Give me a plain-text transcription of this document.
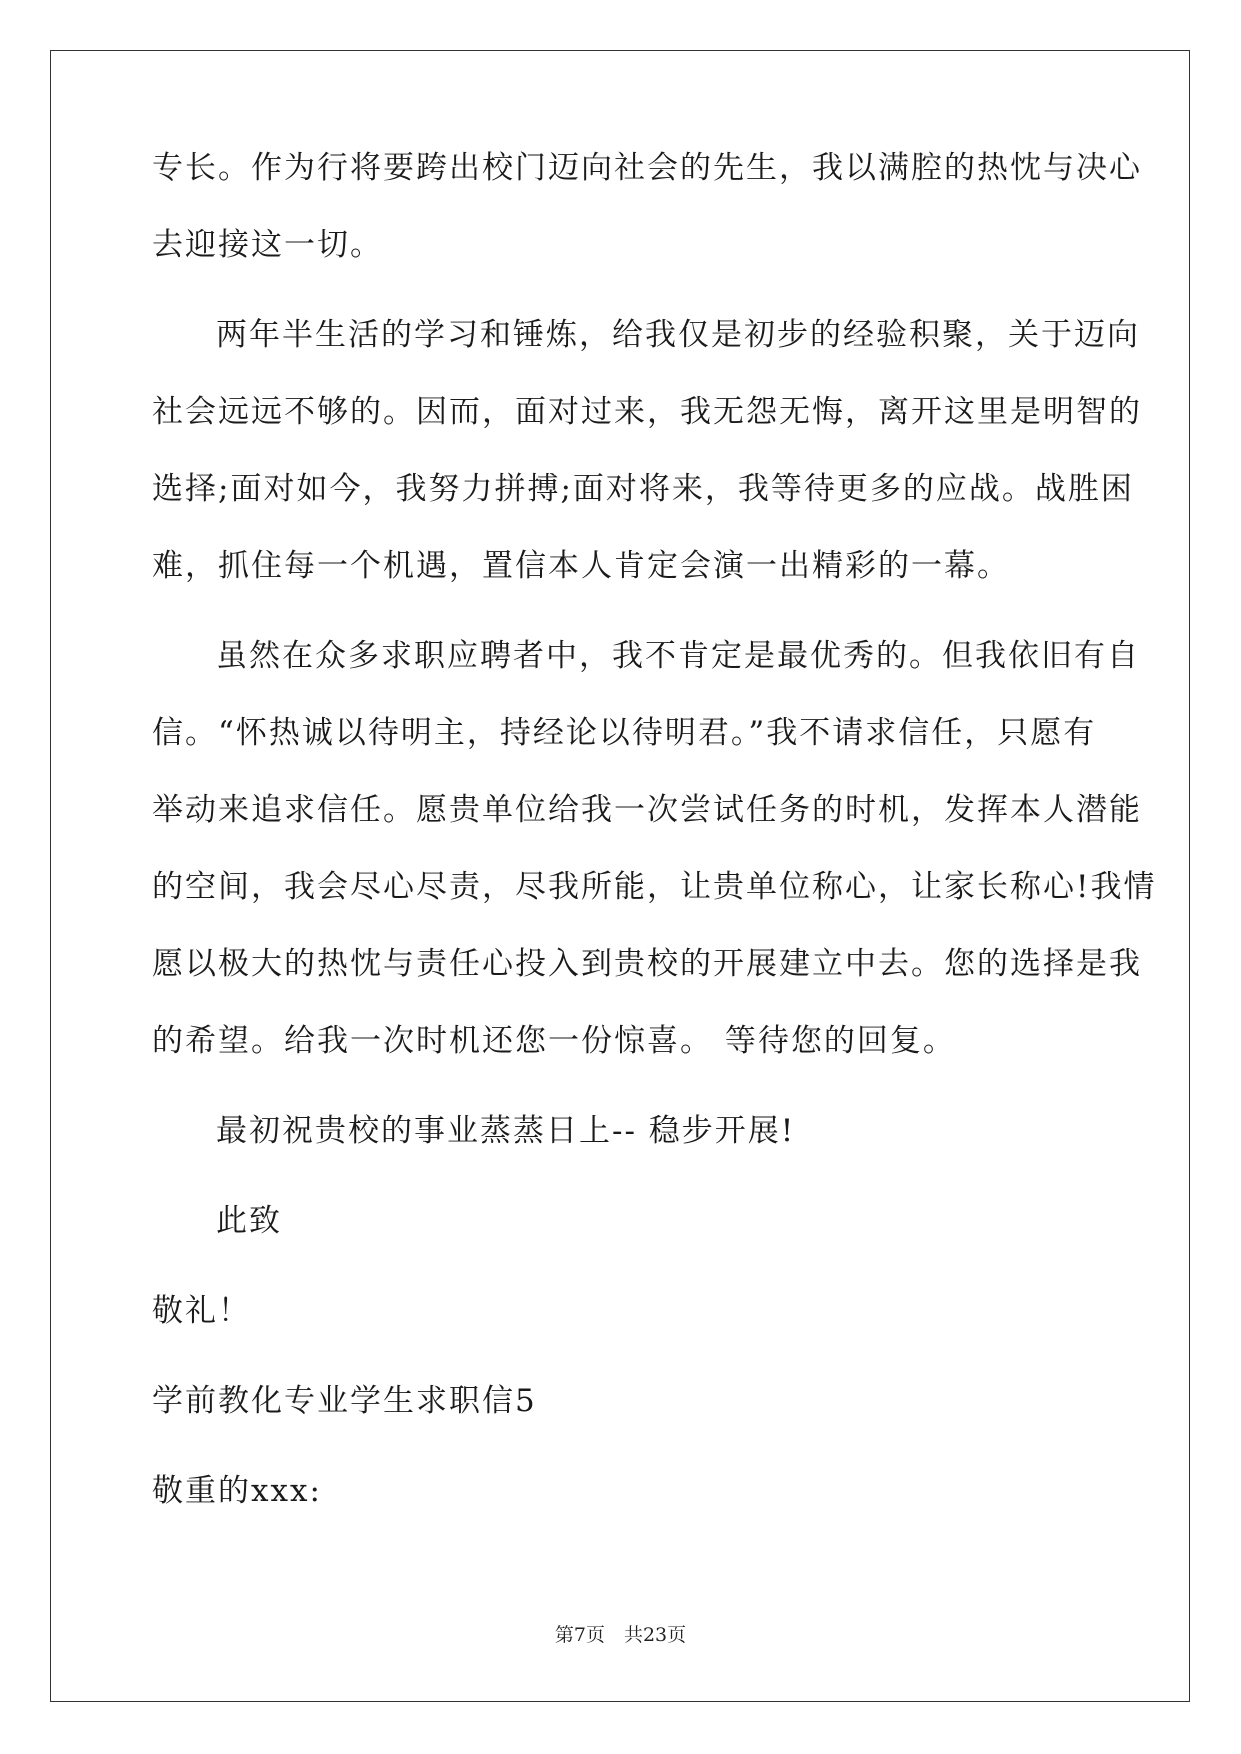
专长。作为行将要跨出校门迈向社会的先生，我以满腔的热忱与决心
去迎接这一切。
两年半生活的学习和锤炼，给我仅是初步的经验积聚，关于迈向
社会远远不够的。因而，面对过来，我无怨无悔，离开这里是明智的
选择;面对如今，我努力拼搏;面对将来，我等待更多的应战。战胜困
难，抓住每一个机遇，置信本人肯定会演一出精彩的一幕。
虽然在众多求职应聘者中，我不肯定是最优秀的。但我依旧有自
信。“怀热诚以待明主，持经论以待明君。”我不请求信任，只愿有
举动来追求信任。愿贵单位给我一次尝试任务的时机，发挥本人潜能
的空间，我会尽心尽责，尽我所能，让贵单位称心，让家长称心!我情
愿以极大的热忱与责任心投入到贵校的开展建立中去。您的选择是我
的希望。给我一次时机还您一份惊喜。 等待您的回复。
最初祝贵校的事业蒸蒸日上-- 稳步开展!
此致
敬礼！
学前教化专业学生求职信5
敬重的xxx:
第7页　共23页
